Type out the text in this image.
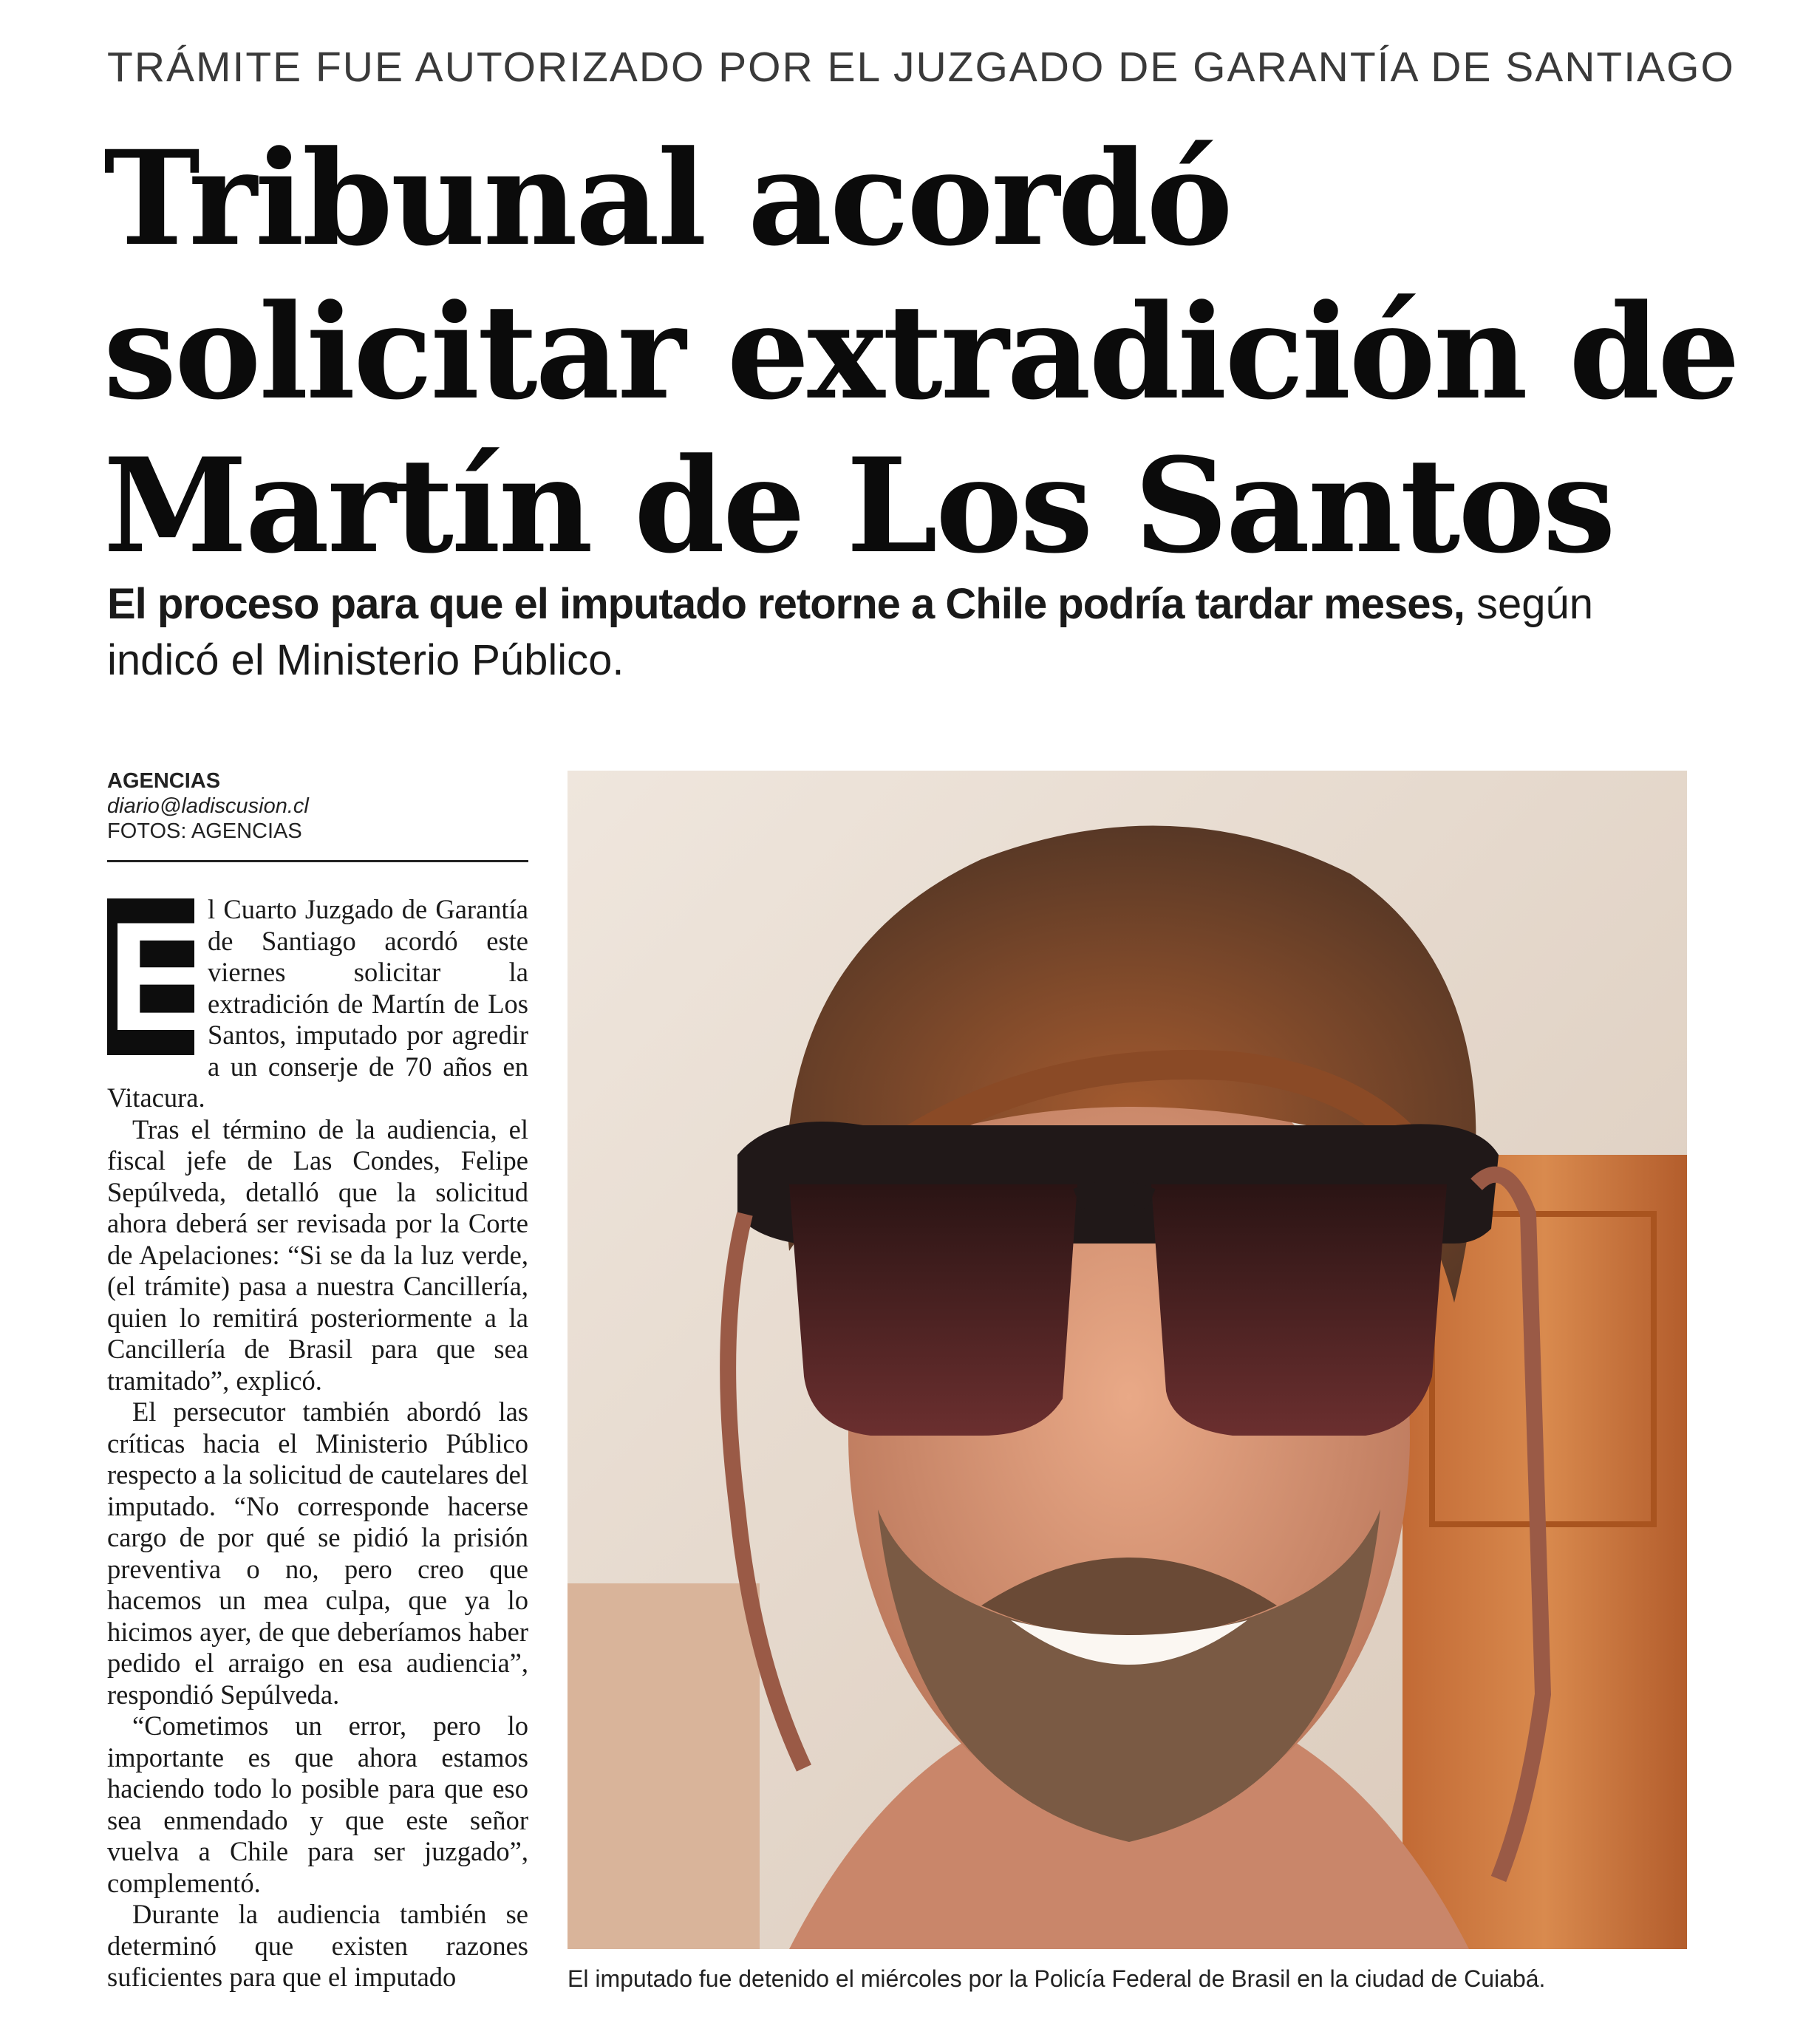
TRÁMITE FUE AUTORIZADO POR EL JUZGADO DE GARANTÍA DE SANTIAGO
Tribunal acordó
solicitar extradición de
Martín de Los Santos
El proceso para que el imputado retorne a Chile podría tardar meses, según indicó el Ministerio Público.
AGENCIAS
diario@ladiscusion.cl
FOTOS: AGENCIAS

E
l Cuarto Juzgado de Garantía de Santiago acordó este viernes solicitar la extradición de Martín de Los Santos, imputado por agredir a un conserje de 70 años en Vitacura.

Tras el término de la audiencia, el fiscal jefe de Las Condes, Felipe Sepúlveda, detalló que la solicitud ahora deberá ser revisada por la Corte de Apelaciones: “Si se da la luz verde, (el trámite) pasa a nuestra Cancillería, quien lo remitirá posteriormente a la Cancillería de Brasil para que sea tramitado”, explicó.

El persecutor también abordó las críticas hacia el Ministerio Público respecto a la solicitud de cautelares del imputado. “No corresponde hacerse cargo de por qué se pidió la prisión preventiva o no, pero creo que hacemos un mea culpa, que ya lo hicimos ayer, de que deberíamos haber pedido el arraigo en esa audiencia”, respondió Sepúlveda.

“Cometimos un error, pero lo importante es que ahora estamos haciendo todo lo posible para que eso sea enmendado y que este señor vuelva a Chile para ser juzgado”, complementó.

Durante la audiencia también se determinó que existen razones suficientes para que el imputado	El imputado fue detenido el miércoles por la Policía Federal de Brasil en la ciudad de Cuiabá.
